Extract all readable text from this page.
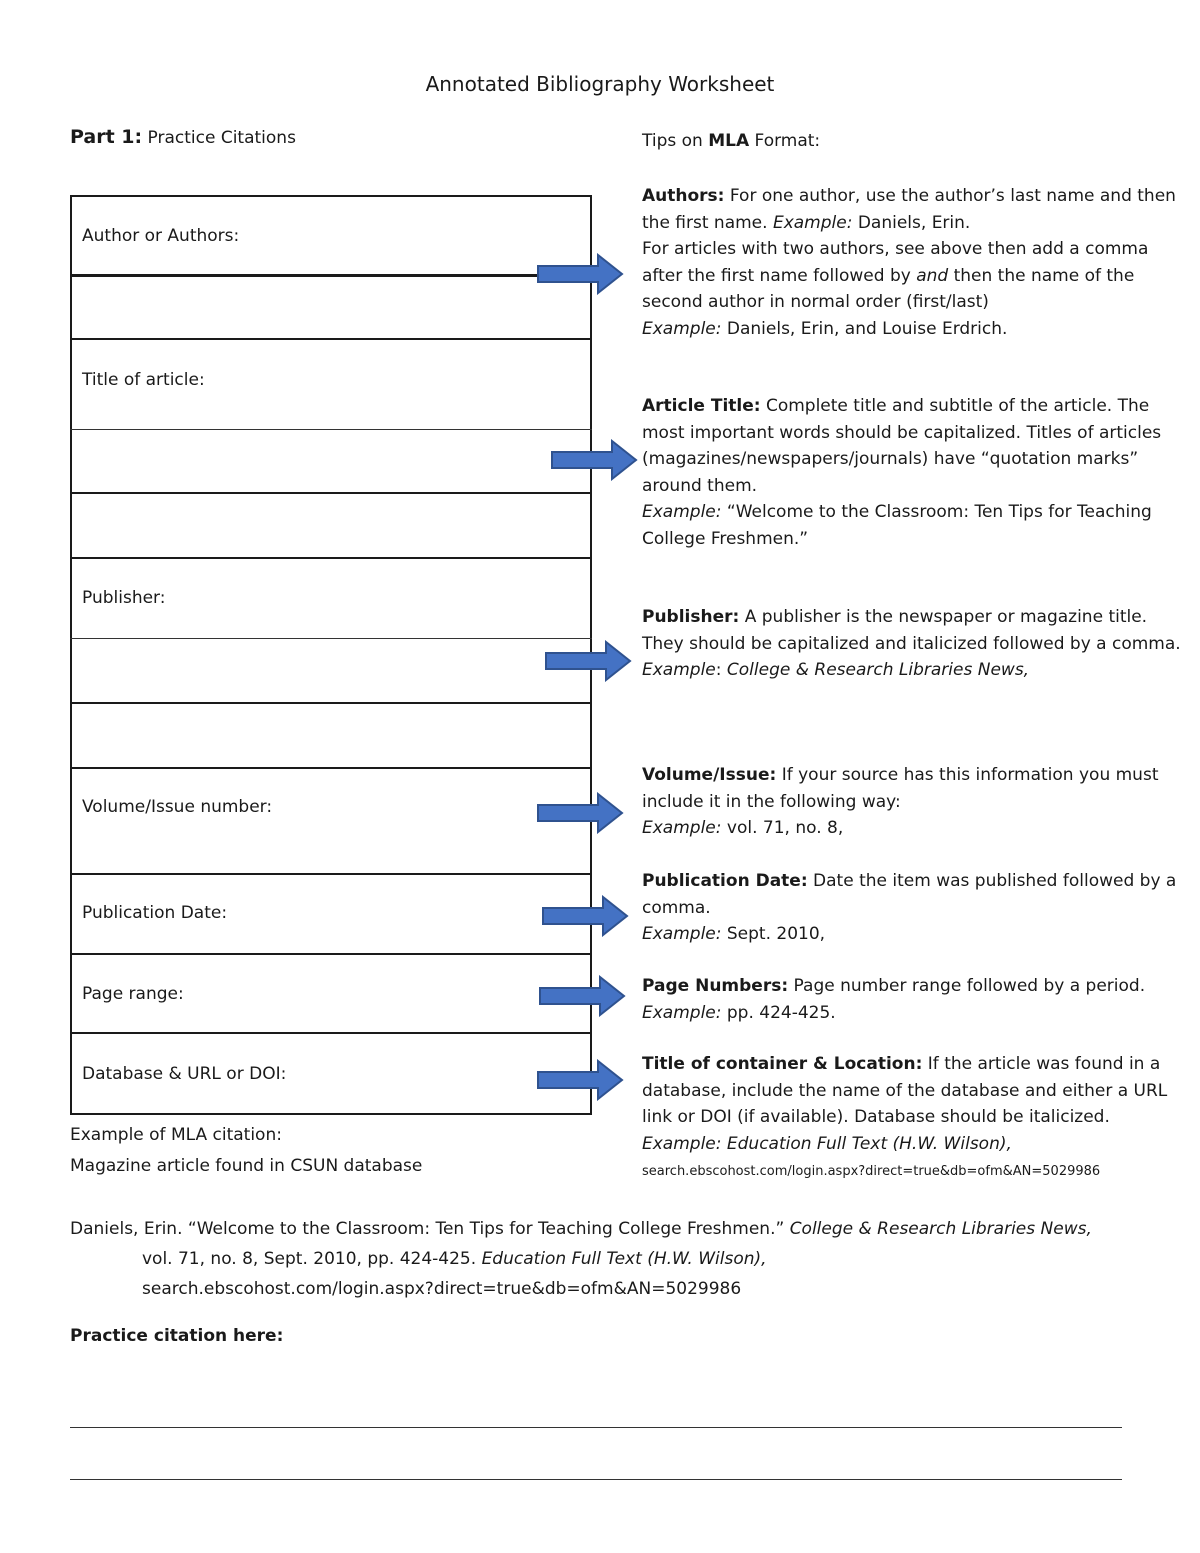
Annotated Bibliography Worksheet
Part 1: Practice Citations	Tips on MLA Format:
Author or Authors:
Title of article:
Publisher:
Volume/Issue number:
Publication Date:
Page range:
Database & URL or DOI:
Authors: For one author, use the author’s last name and then the first name. Example: Daniels, Erin.
For articles with two authors, see above then add a comma after the first name followed by and then the name of the second author in normal order (first/last)
Example: Daniels, Erin, and Louise Erdrich.
Article Title: Complete title and subtitle of the article. The most important words should be capitalized. Titles of articles (magazines/newspapers/journals) have “quotation marks” around them.
Example: “Welcome to the Classroom: Ten Tips for Teaching College Freshmen.”
Publisher: A publisher is the newspaper or magazine title. They should be capitalized and italicized followed by a comma.
Example: College & Research Libraries News,
Volume/Issue: If your source has this information you must include it in the following way:
Example: vol. 71, no. 8,
Publication Date: Date the item was published followed by a comma.
Example: Sept. 2010,
Page Numbers: Page number range followed by a period.
Example: pp. 424-425.
Title of container & Location: If the article was found in a database, include the name of the database and either a URL link or DOI (if available). Database should be italicized.
Example: Education Full Text (H.W. Wilson),
search.ebscohost.com/login.aspx?direct=true&db=ofm&AN=5029986
Example of MLA citation:
Magazine article found in CSUN database
Daniels, Erin. “Welcome to the Classroom: Ten Tips for Teaching College Freshmen.” College & Research Libraries News,
vol. 71, no. 8, Sept. 2010, pp. 424-425. Education Full Text (H.W. Wilson),
search.ebscohost.com/login.aspx?direct=true&db=ofm&AN=5029986
Practice citation here:
